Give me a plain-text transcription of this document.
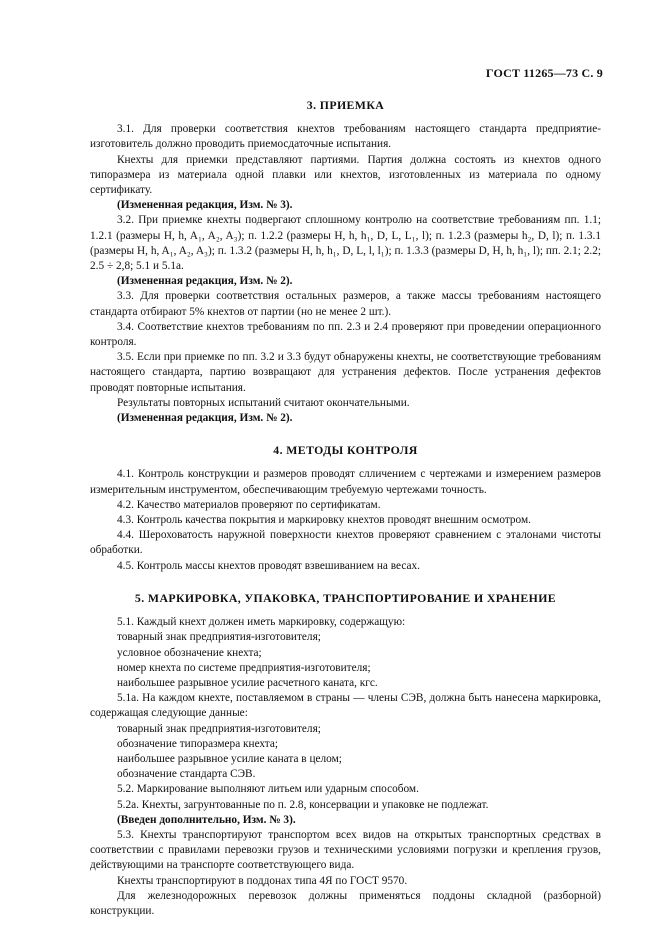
ГОСТ 11265—73 С. 9
3. ПРИЕМКА

3.1. Для проверки соответствия кнехтов требованиям настоящего стандарта предприятие-изготовитель должно проводить приемосдаточные испытания.

Кнехты для приемки представляют партиями. Партия должна состоять из кнехтов одного типоразмера из материала одной плавки или кнехтов, изготовленных из материала по одному сертификату.

(Измененная редакция, Изм. № 3).

3.2. При приемке кнехты подвергают сплошному контролю на соответствие требованиям пп. 1.1; 1.2.1 (размеры H, h, A₁, A₂, A₃); п. 1.2.2 (размеры H, h, h₁, D, L, L₁, l); п. 1.2.3 (размеры h₂, D, l); п. 1.3.1 (размеры H, h, A₁, A₂, A₃); п. 1.3.2 (размеры H, h, h₁, D, L, l, l₁); п. 1.3.3 (размеры D, H, h, h₁, l); пп. 2.1; 2.2; 2.5 ÷ 2,8; 5.1 и 5.1а.

(Измененная редакция, Изм. № 2).

3.3. Для проверки соответствия остальных размеров, а также массы требованиям настоящего стандарта отбирают 5% кнехтов от партии (но не менее 2 шт.).

3.4. Соответствие кнехтов требованиям по пп. 2.3 и 2.4 проверяют при проведении операционного контроля.

3.5. Если при приемке по пп. 3.2 и 3.3 будут обнаружены кнехты, не соответствующие требованиям настоящего стандарта, партию возвращают для устранения дефектов. После устранения дефектов проводят повторные испытания.

Результаты повторных испытаний считают окончательными.

(Измененная редакция, Изм. № 2).

4. МЕТОДЫ КОНТРОЛЯ

4.1. Контроль конструкции и размеров проводят слличением с чертежами и измерением размеров измерительным инструментом, обеспечивающим требуемую чертежами точность.

4.2. Качество материалов проверяют по сертификатам.

4.3. Контроль качества покрытия и маркировку кнехтов проводят внешним осмотром.

4.4. Шероховатость наружной поверхности кнехтов проверяют сравнением с эталонами чистоты обработки.

4.5. Контроль массы кнехтов проводят взвешиванием на весах.

5. МАРКИРОВКА, УПАКОВКА, ТРАНСПОРТИРОВАНИЕ И ХРАНЕНИЕ

5.1. Каждый кнехт должен иметь маркировку, содержащую:

товарный знак предприятия-изготовителя;

условное обозначение кнехта;

номер кнехта по системе предприятия-изготовителя;

наибольшее разрывное усилие расчетного каната, кгс.

5.1а. На каждом кнехте, поставляемом в страны — члены СЭВ, должна быть нанесена маркировка, содержащая следующие данные:

товарный знак предприятия-изготовителя;

обозначение типоразмера кнехта;

наибольшее разрывное усилие каната в целом;

обозначение стандарта СЭВ.

5.2. Маркирование выполняют литьем или ударным способом.

5.2а. Кнехты, загрунтованные по п. 2.8, консервации и упаковке не подлежат.

(Введен дополнительно, Изм. № 3).

5.3. Кнехты транспортируют транспортом всех видов на открытых транспортных средствах в соответствии с правилами перевозки грузов и техническими условиями погрузки и крепления грузов, действующими на транспорте соответствующего вида.

Кнехты транспортируют в поддонах типа 4Я по ГОСТ 9570.

Для железнодорожных перевозок должны применяться поддоны складной (разборной) конструкции.
